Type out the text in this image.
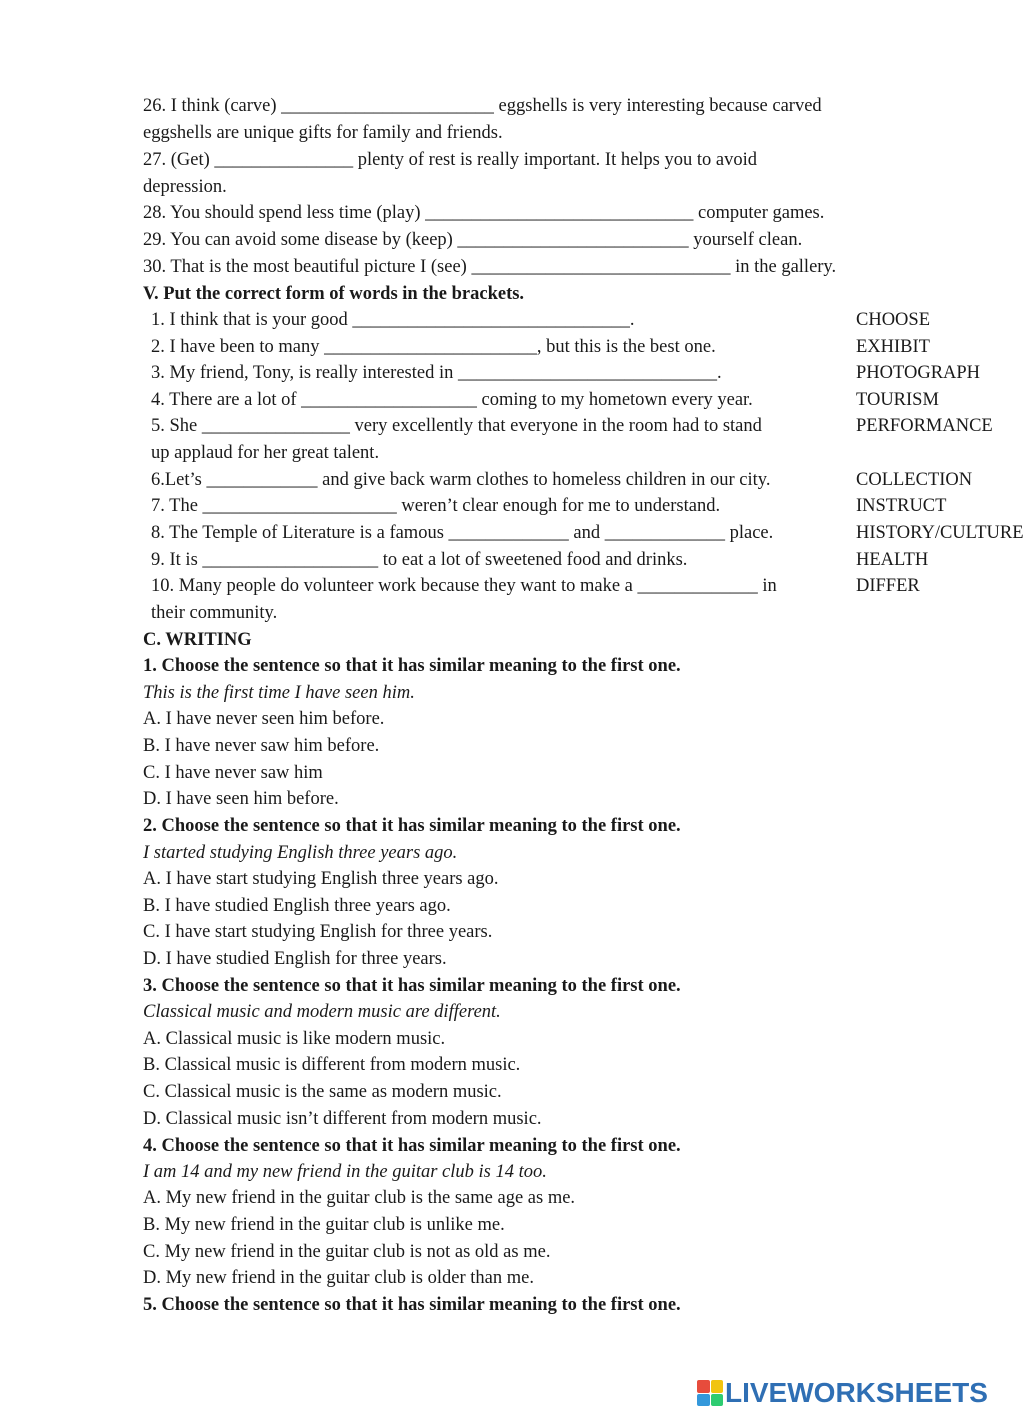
26. I think (carve) _______________________ eggshells is very interesting because carved
eggshells are unique gifts for family and friends.
27. (Get) _______________ plenty of rest is really important. It helps you to avoid
depression.
28. You should spend less time (play) _____________________________ computer games.
29. You can avoid some disease by (keep) _________________________ yourself clean.
30. That is the most beautiful picture I (see) ____________________________ in the gallery.
V. Put the correct form of words in the brackets.
1. I think that is your good ______________________________.	CHOOSE
2. I have been to many _______________________, but this is the best one.	EXHIBIT
3. My friend, Tony, is really interested in ____________________________.	PHOTOGRAPH
4. There are a lot of ___________________ coming to my hometown every year.	TOURISM
5. She ________________ very excellently that everyone in the room had to stand	PERFORMANCE
up applaud for her great talent.
6.Let’s ____________ and give back warm clothes to homeless children in our city.	COLLECTION
7. The _____________________ weren’t clear enough for me to understand.	INSTRUCT
8. The Temple of Literature is a famous _____________ and _____________ place.	HISTORY/CULTURE
9. It is ___________________ to eat a lot of sweetened food and drinks.	HEALTH
10. Many people do volunteer work because they want to make a _____________ in	DIFFER
their community.
C. WRITING
1. Choose the sentence so that it has similar meaning to the first one.
This is the first time I have seen him.
A. I have never seen him before.
B. I have never saw him before.
C. I have never saw him
D. I have seen him before.
2. Choose the sentence so that it has similar meaning to the first one.
I started studying English three years ago.
A. I have start studying English three years ago.
B. I have studied English three years ago.
C. I have start studying English for three years.
D. I have studied English for three years.
3. Choose the sentence so that it has similar meaning to the first one.
Classical music and modern music are different.
A. Classical music is like modern music.
B. Classical music is different from modern music.
C. Classical music is the same as modern music.
D. Classical music isn’t different from modern music.
4. Choose the sentence so that it has similar meaning to the first one.
I am 14 and my new friend in the guitar club is 14 too.
A. My new friend in the guitar club is the same age as me.
B. My new friend in the guitar club is unlike me.
C. My new friend in the guitar club is not as old as me.
D. My new friend in the guitar club is older than me.
5. Choose the sentence so that it has similar meaning to the first one.
LIVEWORKSHEETS
